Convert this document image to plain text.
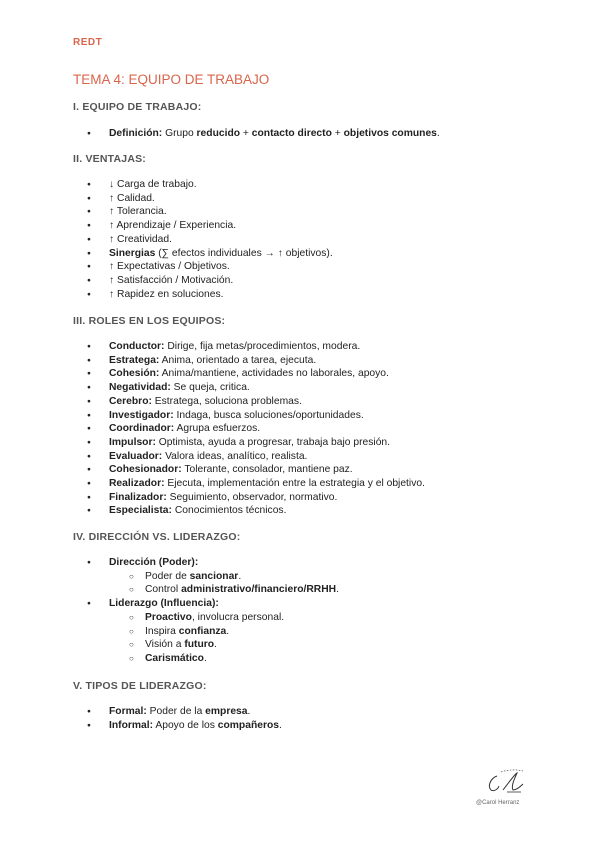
REDT
TEMA 4: EQUIPO DE TRABAJO
I. EQUIPO DE TRABAJO:
● Definición: Grupo reducido + contacto directo + objetivos comunes.
II. VENTAJAS:
● ↓ Carga de trabajo.
● ↑ Calidad.
● ↑ Tolerancia.
● ↑ Aprendizaje / Experiencia.
● ↑ Creatividad.
● Sinergias (∑ efectos individuales → ↑ objetivos).
● ↑ Expectativas / Objetivos.
● ↑ Satisfacción / Motivación.
● ↑ Rapidez en soluciones.
III. ROLES EN LOS EQUIPOS:
● Conductor: Dirige, fija metas/procedimientos, modera.
● Estratega: Anima, orientado a tarea, ejecuta.
● Cohesión: Anima/mantiene, actividades no laborales, apoyo.
● Negatividad: Se queja, critica.
● Cerebro: Estratega, soluciona problemas.
● Investigador: Indaga, busca soluciones/oportunidades.
● Coordinador: Agrupa esfuerzos.
● Impulsor: Optimista, ayuda a progresar, trabaja bajo presión.
● Evaluador: Valora ideas, analítico, realista.
● Cohesionador: Tolerante, consolador, mantiene paz.
● Realizador: Ejecuta, implementación entre la estrategia y el objetivo.
● Finalizador: Seguimiento, observador, normativo.
● Especialista: Conocimientos técnicos.
IV. DIRECCIÓN VS. LIDERAZGO:
● Dirección (Poder):
○ Poder de sancionar.
○ Control administrativo/financiero/RRHH.
● Liderazgo (Influencia):
○ Proactivo, involucra personal.
○ Inspira confianza.
○ Visión a futuro.
○ Carismático.
V. TIPOS DE LIDERAZGO:
● Formal: Poder de la empresa.
● Informal: Apoyo de los compañeros.
@Carol Herranz
